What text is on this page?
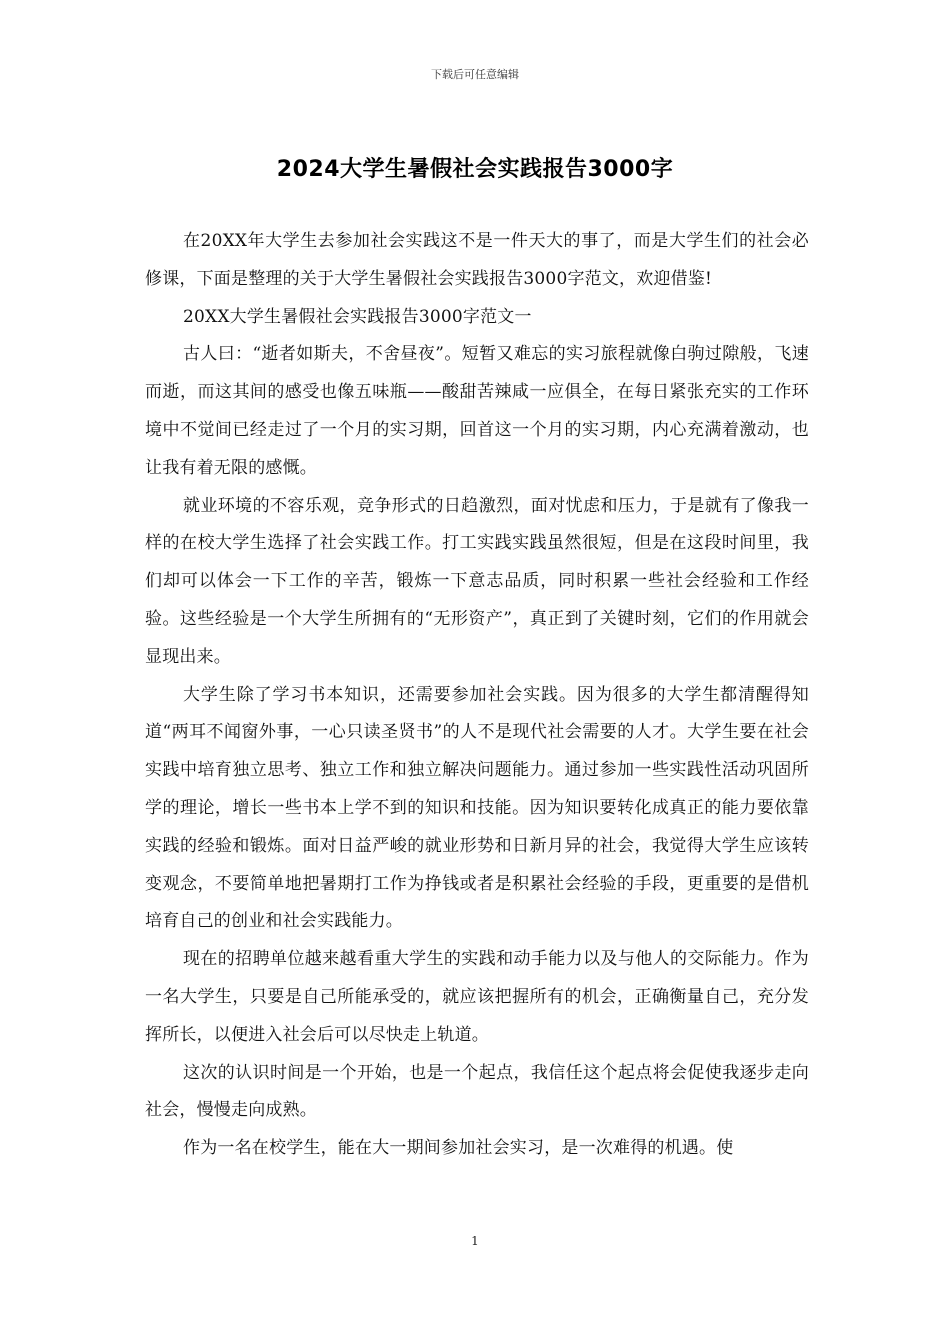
下载后可任意编辑
2024大学生暑假社会实践报告3000字

在20XX年大学生去参加社会实践这不是一件天大的事了，而是大学生们的社会必修课，下面是整理的关于大学生暑假社会实践报告3000字范文，欢迎借鉴!

20XX大学生暑假社会实践报告3000字范文一

古人曰：“逝者如斯夫，不舍昼夜”。短暂又难忘的实习旅程就像白驹过隙般，飞速而逝，而这其间的感受也像五味瓶——酸甜苦辣咸一应俱全，在每日紧张充实的工作环境中不觉间已经走过了一个月的实习期，回首这一个月的实习期，内心充满着激动，也让我有着无限的感慨。

就业环境的不容乐观，竞争形式的日趋激烈，面对忧虑和压力，于是就有了像我一样的在校大学生选择了社会实践工作。打工实践实践虽然很短，但是在这段时间里，我们却可以体会一下工作的辛苦，锻炼一下意志品质，同时积累一些社会经验和工作经验。这些经验是一个大学生所拥有的“无形资产”，真正到了关键时刻，它们的作用就会显现出来。

大学生除了学习书本知识，还需要参加社会实践。因为很多的大学生都清醒得知道“两耳不闻窗外事，一心只读圣贤书”的人不是现代社会需要的人才。大学生要在社会实践中培育独立思考、独立工作和独立解决问题能力。通过参加一些实践性活动巩固所学的理论，增长一些书本上学不到的知识和技能。因为知识要转化成真正的能力要依靠实践的经验和锻炼。面对日益严峻的就业形势和日新月异的社会，我觉得大学生应该转变观念，不要简单地把暑期打工作为挣钱或者是积累社会经验的手段，更重要的是借机培育自己的创业和社会实践能力。

现在的招聘单位越来越看重大学生的实践和动手能力以及与他人的交际能力。作为一名大学生，只要是自己所能承受的，就应该把握所有的机会，正确衡量自己，充分发挥所长，以便进入社会后可以尽快走上轨道。

这次的认识时间是一个开始，也是一个起点，我信任这个起点将会促使我逐步走向社会，慢慢走向成熟。

作为一名在校学生，能在大一期间参加社会实习，是一次难得的机遇。使

1
